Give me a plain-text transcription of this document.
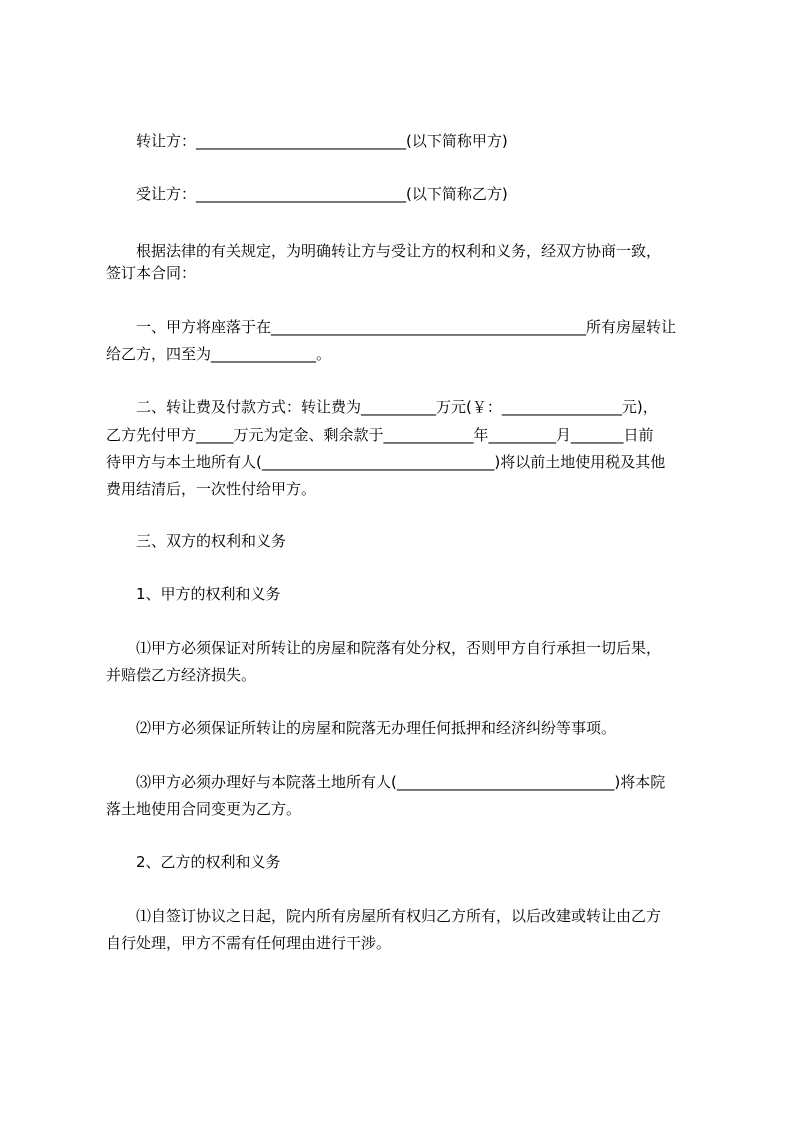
转让方：____________________________(以下简称甲方)
受让方：____________________________(以下简称乙方)
根据法律的有关规定，为明确转让方与受让方的权利和义务，经双方协商一致，
签订本合同：
一、甲方将座落于在__________________________________________所有房屋转让
给乙方，四至为______________。
二、转让费及付款方式：转让费为__________万元(￥：________________元)，
乙方先付甲方_____万元为定金、剩余款于____________年_________月_______日前
待甲方与本土地所有人(_______________________________)将以前土地使用税及其他
费用结清后，一次性付给甲方。
三、双方的权利和义务
1、甲方的权利和义务
⑴甲方必须保证对所转让的房屋和院落有处分权，否则甲方自行承担一切后果，
并赔偿乙方经济损失。
⑵甲方必须保证所转让的房屋和院落无办理任何抵押和经济纠纷等事项。
⑶甲方必须办理好与本院落土地所有人(_____________________________)将本院
落土地使用合同变更为乙方。
2、乙方的权利和义务
⑴自签订协议之日起，院内所有房屋所有权归乙方所有，以后改建或转让由乙方
自行处理，甲方不需有任何理由进行干涉。
